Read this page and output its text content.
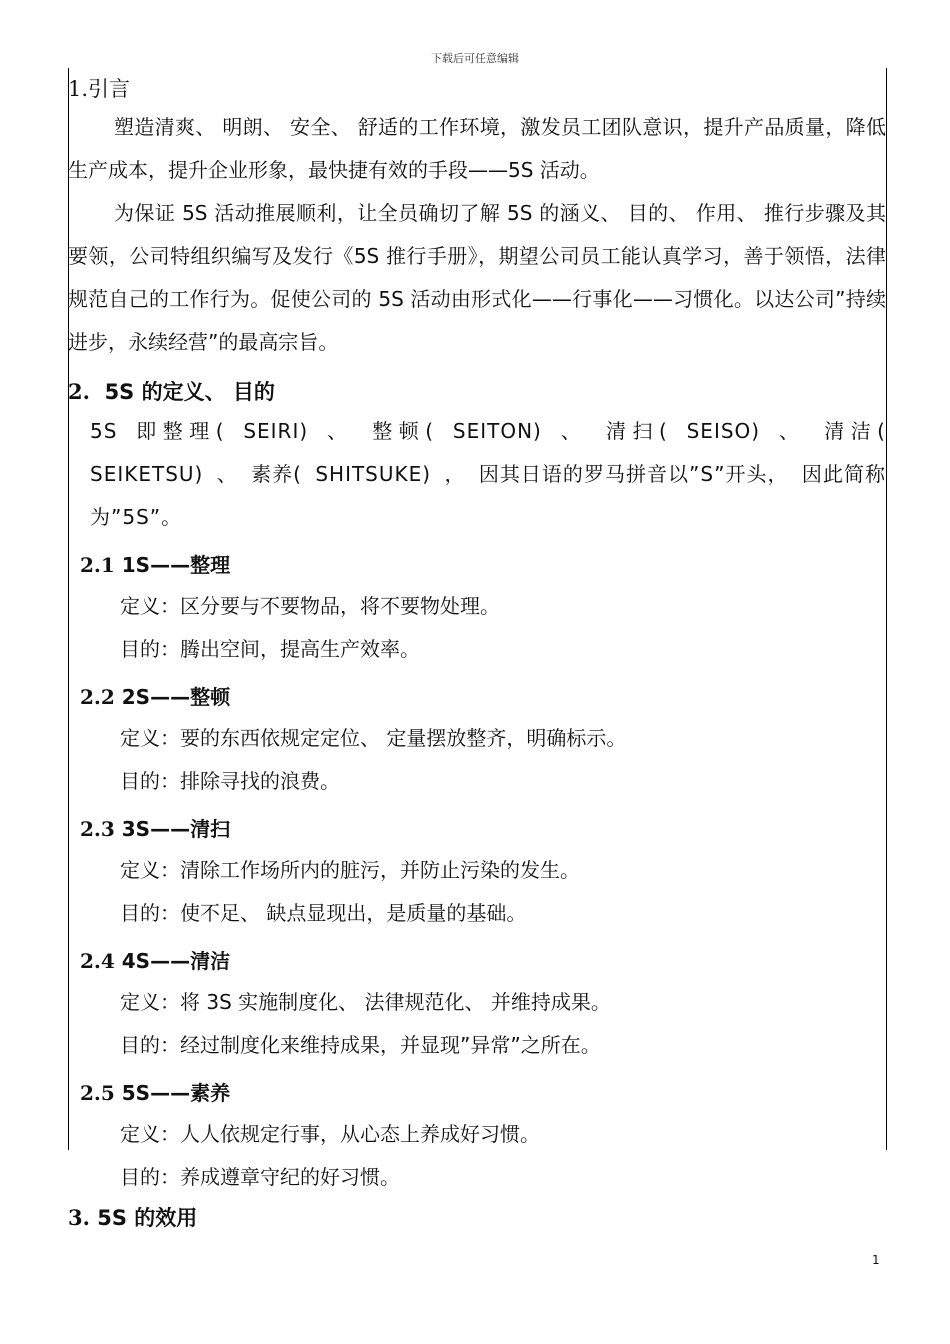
下载后可任意编辑

1.引言

塑造清爽、 明朗、 安全、 舒适的工作环境，激发员工团队意识，提升产品质量，降低生产成本，提升企业形象，最快捷有效的手段——5S 活动。

为保证 5S 活动推展顺利，让全员确切了解 5S 的涵义、 目的、 作用、 推行步骤及其要领，公司特组织编写及发行《5S 推行手册》，期望公司员工能认真学习，善于领悟，法律规范自己的工作行为。促使公司的 5S 活动由形式化——行事化——习惯化。以达公司”持续进步，永续经营”的最高宗旨。

2. 5S 的定义、 目的

5S 即整理( SEIRI) 、 整顿( SEITON) 、 清扫( SEISO) 、 清洁( SEIKETSU) 、 素养( SHITSUKE) ， 因其日语的罗马拼音以”S”开头， 因此简称为”5S”。

2.1 1S——整理
定义：区分要与不要物品，将不要物处理。
目的：腾出空间，提高生产效率。
2.2 2S——整顿
定义：要的东西依规定定位、 定量摆放整齐，明确标示。
目的：排除寻找的浪费。
2.3 3S——清扫
定义：清除工作场所内的脏污，并防止污染的发生。
目的：使不足、 缺点显现出，是质量的基础。
2.4 4S——清洁
定义：将 3S 实施制度化、 法律规范化、 并维持成果。
目的：经过制度化来维持成果，并显现”异常”之所在。
2.5 5S——素养
定义：人人依规定行事，从心态上养成好习惯。
目的：养成遵章守纪的好习惯。

3. 5S 的效用

1
